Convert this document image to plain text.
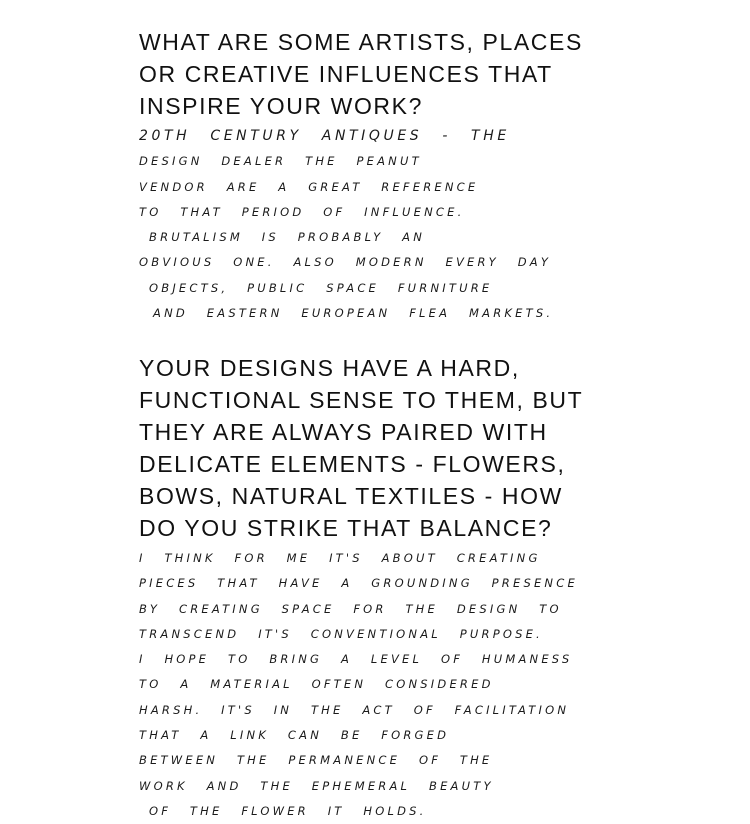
WHAT ARE SOME ARTISTS, PLACES
OR CREATIVE INFLUENCES THAT
INSPIRE YOUR WORK?
20TH CENTURY ANTIQUES - THE
DESIGN DEALER THE PEANUT
VENDOR ARE A GREAT REFERENCE
TO THAT PERIOD OF INFLUENCE.
BRUTALISM IS PROBABLY AN
OBVIOUS ONE. ALSO MODERN EVERY DAY
OBJECTS, PUBLIC SPACE FURNITURE
AND EASTERN EUROPEAN FLEA MARKETS.
YOUR DESIGNS HAVE A HARD,
FUNCTIONAL SENSE TO THEM, BUT
THEY ARE ALWAYS PAIRED WITH
DELICATE ELEMENTS - FLOWERS,
BOWS, NATURAL TEXTILES - HOW
DO YOU STRIKE THAT BALANCE?
I THINK FOR ME IT'S ABOUT CREATING
PIECES THAT HAVE A GROUNDING PRESENCE
BY CREATING SPACE FOR THE DESIGN TO
TRANSCEND IT'S CONVENTIONAL PURPOSE.
I HOPE TO BRING A LEVEL OF HUMANESS
TO A MATERIAL OFTEN CONSIDERED
HARSH. IT'S IN THE ACT OF FACILITATION
THAT A LINK CAN BE FORGED
BETWEEN THE PERMANENCE OF THE
WORK AND THE EPHEMERAL BEAUTY
OF THE FLOWER IT HOLDS.
